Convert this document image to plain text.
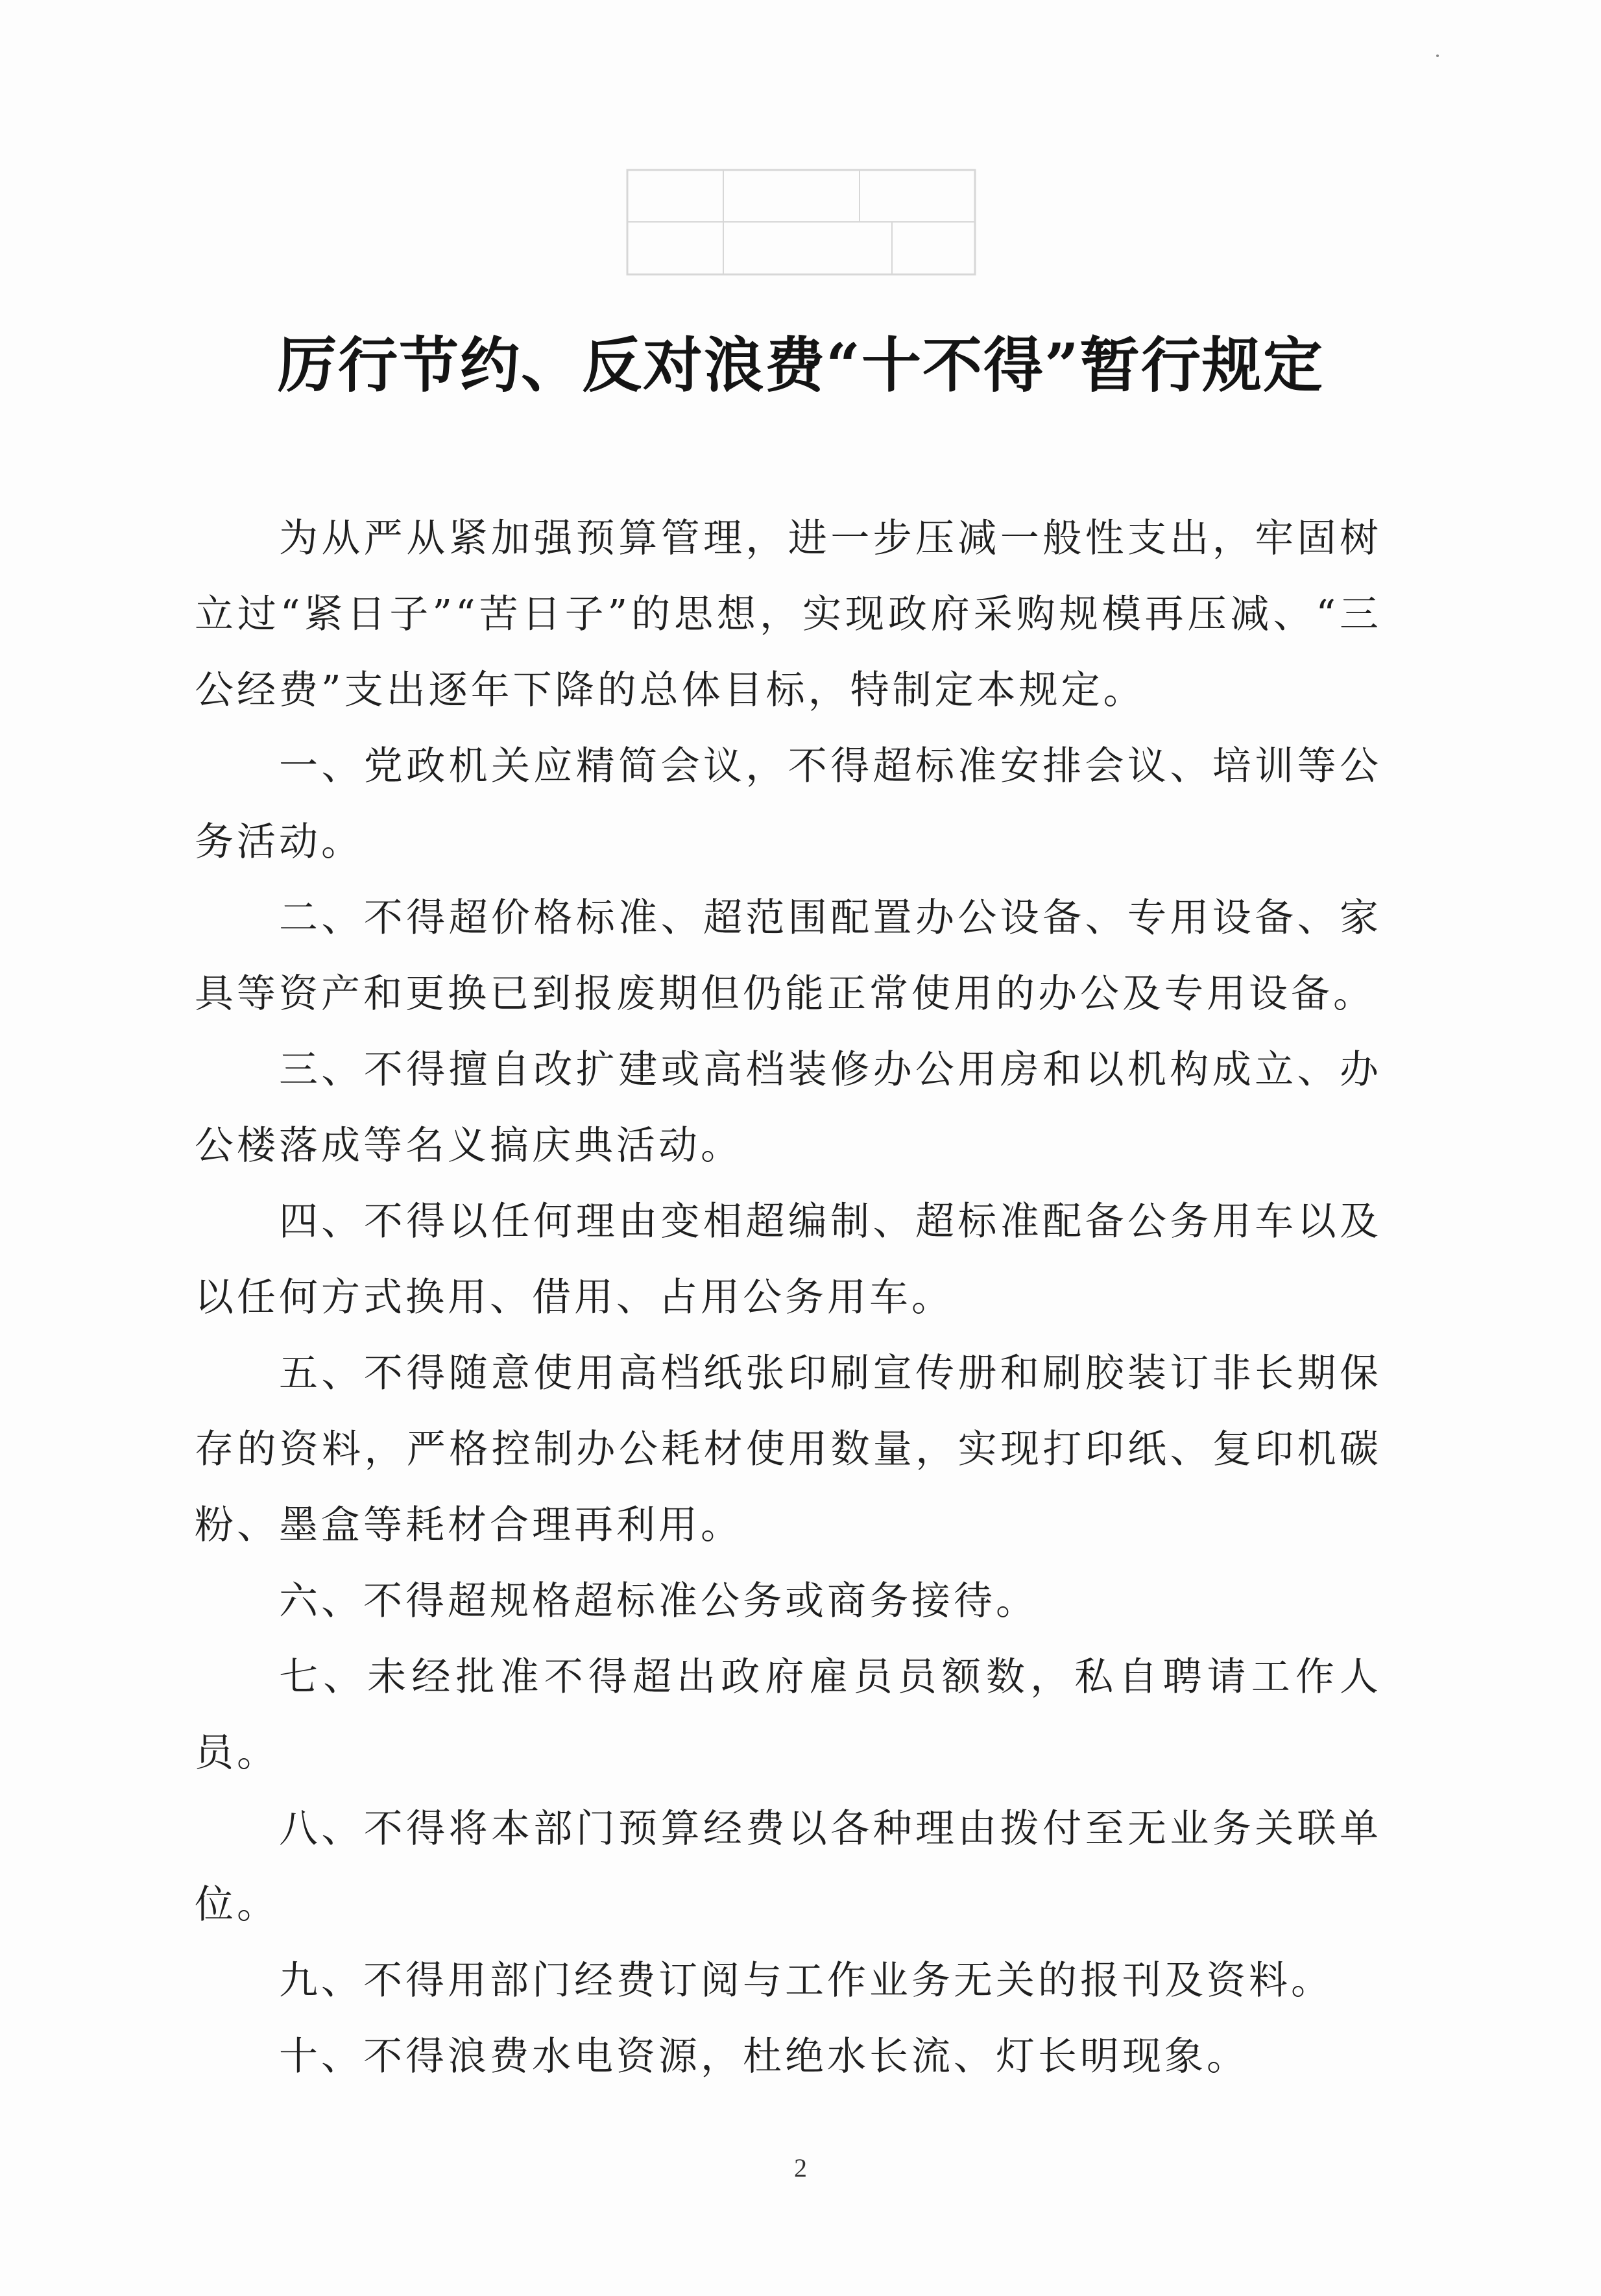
厉行节约、反对浪费“十不得”暂行规定

为从严从紧加强预算管理，进一步压减一般性支出，牢固树立过“紧日子”“苦日子”的思想，实现政府采购规模再压减、“三公经费”支出逐年下降的总体目标，特制定本规定。

一、党政机关应精简会议，不得超标准安排会议、培训等公务活动。

二、不得超价格标准、超范围配置办公设备、专用设备、家具等资产和更换已到报废期但仍能正常使用的办公及专用设备。

三、不得擅自改扩建或高档装修办公用房和以机构成立、办公楼落成等名义搞庆典活动。

四、不得以任何理由变相超编制、超标准配备公务用车以及以任何方式换用、借用、占用公务用车。

五、不得随意使用高档纸张印刷宣传册和刷胶装订非长期保存的资料，严格控制办公耗材使用数量，实现打印纸、复印机碳粉、墨盒等耗材合理再利用。

六、不得超规格超标准公务或商务接待。

七、未经批准不得超出政府雇员员额数，私自聘请工作人员。

八、不得将本部门预算经费以各种理由拨付至无业务关联单位。

九、不得用部门经费订阅与工作业务无关的报刊及资料。

十、不得浪费水电资源，杜绝水长流、灯长明现象。

2
